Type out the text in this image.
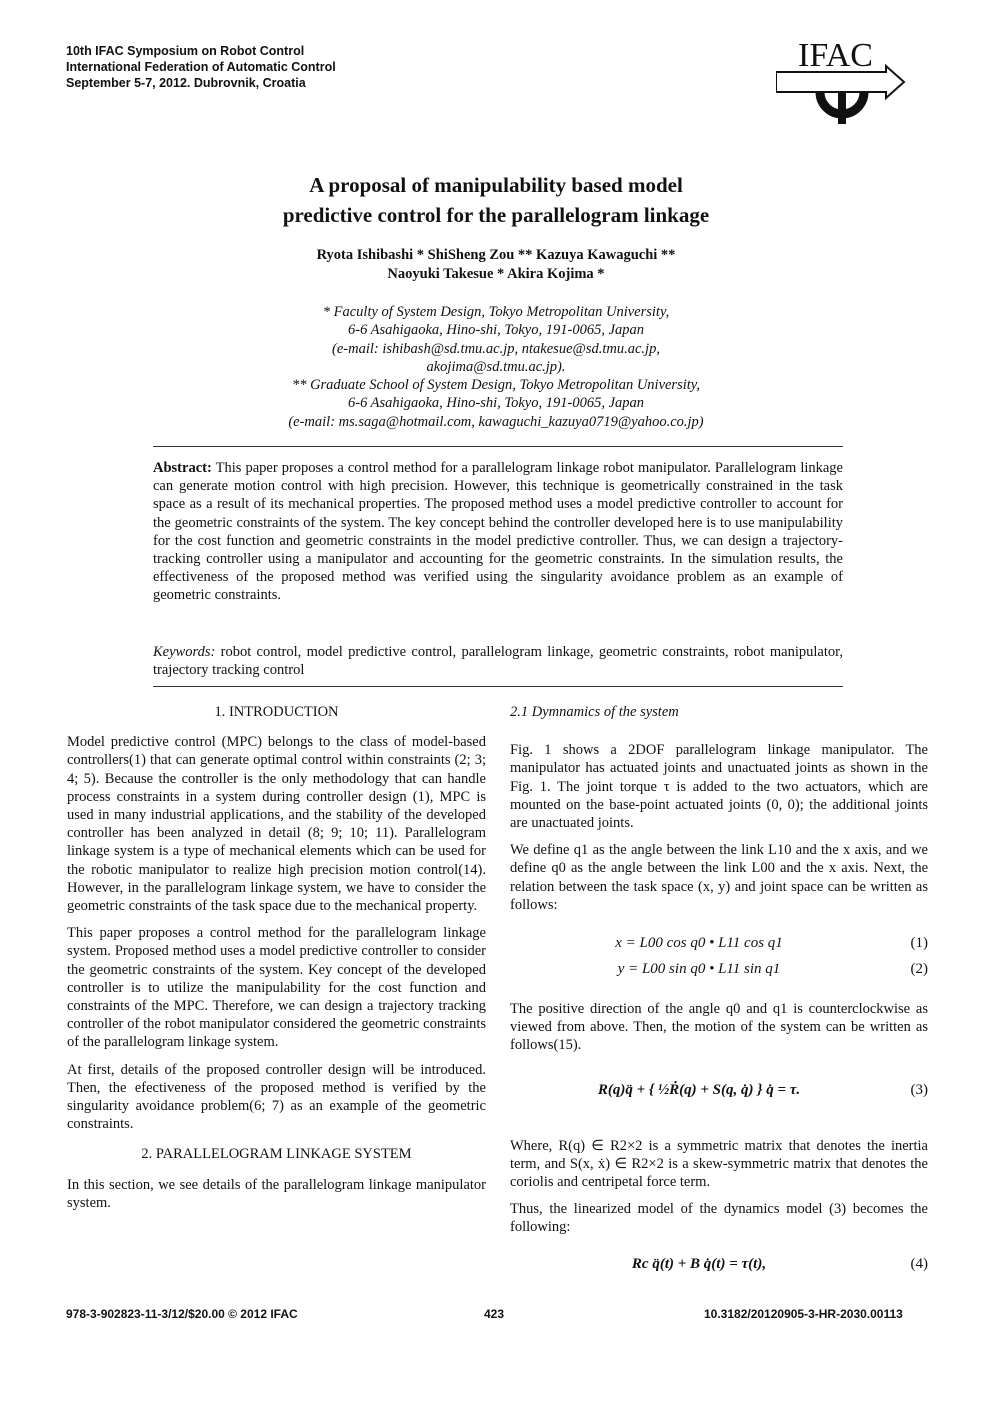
10th IFAC Symposium on Robot Control
International Federation of Automatic Control
September 5-7, 2012. Dubrovnik, Croatia
IFAC
A proposal of manipulability based model
predictive control for the parallelogram linkage
Ryota Ishibashi * ShiSheng Zou ** Kazuya Kawaguchi **
Naoyuki Takesue * Akira Kojima *
* Faculty of System Design, Tokyo Metropolitan University,
6-6 Asahigaoka, Hino-shi, Tokyo, 191-0065, Japan
(e-mail: ishibash@sd.tmu.ac.jp, ntakesue@sd.tmu.ac.jp,
akojima@sd.tmu.ac.jp).
** Graduate School of System Design, Tokyo Metropolitan University,
6-6 Asahigaoka, Hino-shi, Tokyo, 191-0065, Japan
(e-mail: ms.saga@hotmail.com, kawaguchi_kazuya0719@yahoo.co.jp)
Abstract: This paper proposes a control method for a parallelogram linkage robot manipulator. Parallelogram linkage can generate motion control with high precision. However, this technique is geometrically constrained in the task space as a result of its mechanical properties. The proposed method uses a model predictive controller to account for the geometric constraints of the system. The key concept behind the controller developed here is to use manipulability for the cost function and geometric constraints in the model predictive controller. Thus, we can design a trajectory-tracking controller using a manipulator and accounting for the geometric constraints. In the simulation results, the effectiveness of the proposed method was verified using the singularity avoidance problem as an example of geometric constraints.
Keywords: robot control, model predictive control, parallelogram linkage, geometric constraints, robot manipulator, trajectory tracking control
1. INTRODUCTION

Model predictive control (MPC) belongs to the class of model-based controllers(1) that can generate optimal control within constraints (2; 3; 4; 5). Because the controller is the only methodology that can handle process constraints in a system during controller design (1), MPC is used in many industrial applications, and the stability of the developed controller has been analyzed in detail (8; 9; 10; 11). Parallelogram linkage system is a type of mechanical elements which can be used for the robotic manipulator to realize high precision motion control(14). However, in the parallelogram linkage system, we have to consider the geometric constraints of the task space due to the mechanical property.

This paper proposes a control method for the parallelogram linkage system. Proposed method uses a model predictive controller to consider the geometric constraints of the system. Key concept of the developed controller is to utilize the manipulability for the cost function and constraints of the MPC. Therefore, we can design a trajectory tracking controller of the robot manipulator considered the geometric constraints of the parallelogram linkage system.

At first, details of the proposed controller design will be introduced. Then, the efectiveness of the proposed method is verified by the singularity avoidance problem(6; 7) as an example of the geometric constraints.

2. PARALLELOGRAM LINKAGE SYSTEM

In this section, we see details of the parallelogram linkage manipulator system.

2.1 Dymnamics of the system

Fig. 1 shows a 2DOF parallelogram linkage manipulator. The manipulator has actuated joints and unactuated joints as shown in the Fig. 1. The joint torque τ is added to the two actuators, which are mounted on the base-point actuated joints (0, 0); the additional joints are unactuated joints.

We define q1 as the angle between the link L10 and the x axis, and we define q0 as the angle between the link L00 and the x axis. Next, the relation between the task space (x, y) and joint space can be written as follows:

x = L00 cos q0 • L11 cos q1	(1)
y = L00 sin q0 • L11 sin q1	(2)

The positive direction of the angle q0 and q1 is counterclockwise as viewed from above. Then, the motion of the system can be written as follows(15).

R(q)q̈ + { ½Ṙ(q) + S(q, q̇) } q̇ = τ.	(3)

Where, R(q) ∈ R2×2 is a symmetric matrix that denotes the inertia term, and S(x, ẋ) ∈ R2×2 is a skew-symmetric matrix that denotes the coriolis and centripetal force term.

Thus, the linearized model of the dynamics model (3) becomes the following:

Rc q̈(t) + B q̇(t) = τ(t),	(4)
978-3-902823-11-3/12/$20.00 © 2012 IFAC	423	10.3182/20120905-3-HR-2030.00113
